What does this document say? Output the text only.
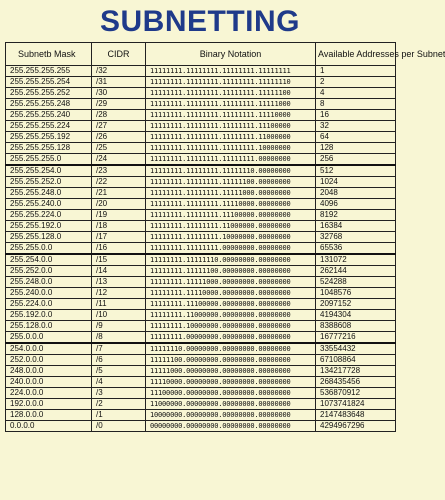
SUBNETTING
Subnetb Mask	CIDR	Binary Notation	Available Addresses per Subnet
255.255.255.255	/32	11111111.11111111.11111111.11111111	1
255.255.255.254	/31	11111111.11111111.11111111.11111110	2
255.255.255.252	/30	11111111.11111111.11111111.11111100	4
255.255.255.248	/29	11111111.11111111.11111111.11111000	8
255.255.255.240	/28	11111111.11111111.11111111.11110000	16
255.255.255.224	/27	11111111.11111111.11111111.11100000	32
255.255.255.192	/26	11111111.11111111.11111111.11000000	64
255.255.255.128	/25	11111111.11111111.11111111.10000000	128
255.255.255.0	/24	11111111.11111111.11111111.00000000	256
255.255.254.0	/23	11111111.11111111.11111110.00000000	512
255.255.252.0	/22	11111111.11111111.11111100.00000000	1024
255.255.248.0	/21	11111111.11111111.11111000.00000000	2048
255.255.240.0	/20	11111111.11111111.11110000.00000000	4096
255.255.224.0	/19	11111111.11111111.11100000.00000000	8192
255.255.192.0	/18	11111111.11111111.11000000.00000000	16384
255.255.128.0	/17	11111111.11111111.10000000.00000000	32768
255.255.0.0	/16	11111111.11111111.00000000.00000000	65536
255.254.0.0	/15	11111111.11111110.00000000.00000000	131072
255.252.0.0	/14	11111111.11111100.00000000.00000000	262144
255.248.0.0	/13	11111111.11111000.00000000.00000000	524288
255.240.0.0	/12	11111111.11110000.00000000.00000000	1048576
255.224.0.0	/11	11111111.11100000.00000000.00000000	2097152
255.192.0.0	/10	11111111.11000000.00000000.00000000	4194304
255.128.0.0	/9	11111111.10000000.00000000.00000000	8388608
255.0.0.0	/8	11111111.00000000.00000000.00000000	16777216
254.0.0.0	/7	11111110.00000000.00000000.00000000	33554432
252.0.0.0	/6	11111100.00000000.00000000.00000000	67108864
248.0.0.0	/5	11111000.00000000.00000000.00000000	134217728
240.0.0.0	/4	11110000.00000000.00000000.00000000	268435456
224.0.0.0	/3	11100000.00000000.00000000.00000000	536870912
192.0.0.0	/2	11000000.00000000.00000000.00000000	1073741824
128.0.0.0	/1	10000000.00000000.00000000.00000000	2147483648
0.0.0.0	/0	00000000.00000000.00000000.00000000	4294967296
